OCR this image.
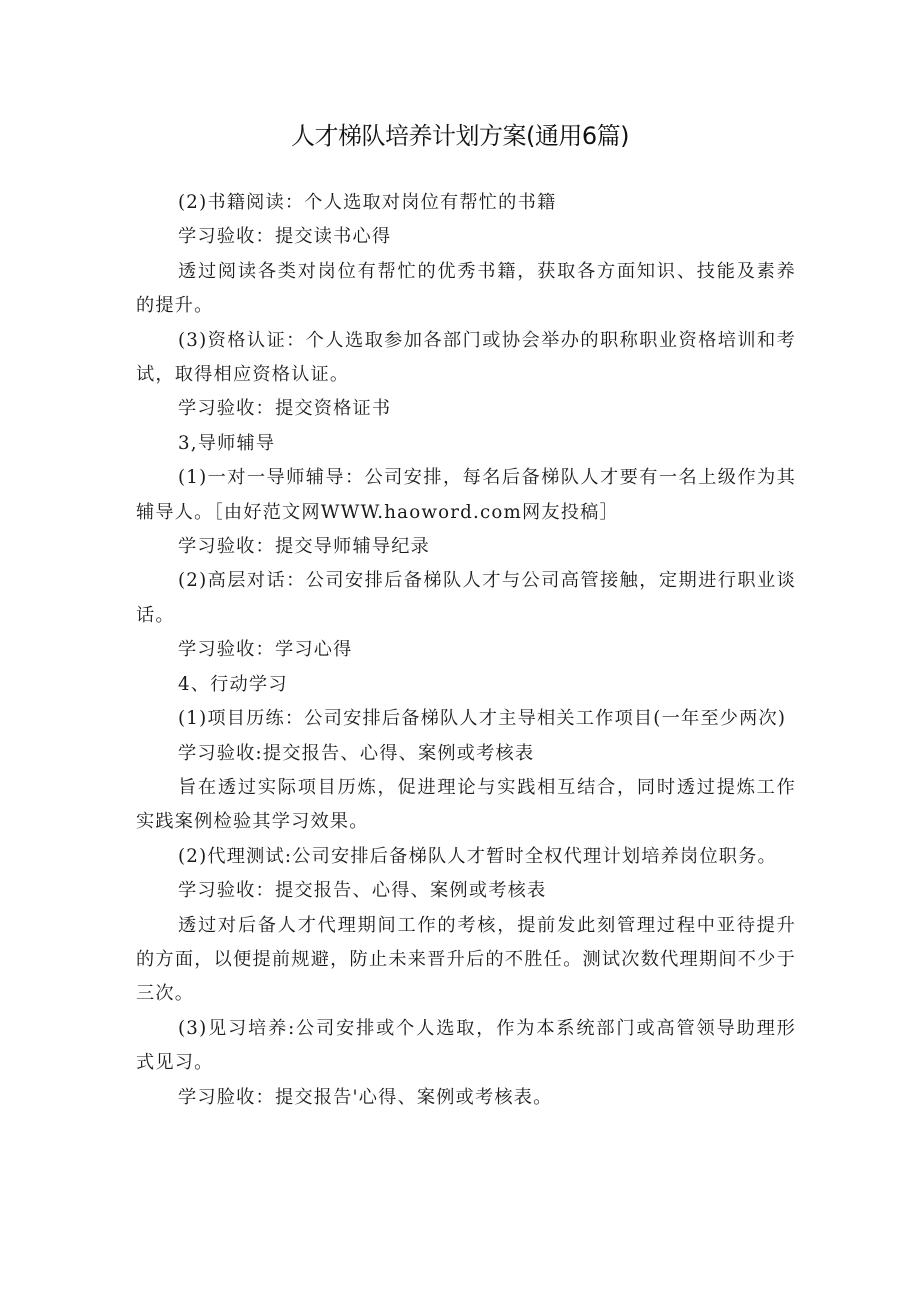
人才梯队培养计划方案(通用6篇)

(2)书籍阅读：个人选取对岗位有帮忙的书籍

学习验收：提交读书心得

透过阅读各类对岗位有帮忙的优秀书籍，获取各方面知识、技能及素养的提升。

(3)资格认证：个人选取参加各部门或协会举办的职称职业资格培训和考试，取得相应资格认证。

学习验收：提交资格证书

3,导师辅导

(1)一对一导师辅导：公司安排，每名后备梯队人才要有一名上级作为其辅导人。［由好范文网WWW.haoword.com网友投稿］

学习验收：提交导师辅导纪录

(2)高层对话：公司安排后备梯队人才与公司高管接触，定期进行职业谈话。

学习验收：学习心得

4、行动学习

(1)项目历练：公司安排后备梯队人才主导相关工作项目(一年至少两次)

学习验收:提交报告、心得、案例或考核表

旨在透过实际项目历炼，促进理论与实践相互结合，同时透过提炼工作实践案例检验其学习效果。

(2)代理测试:公司安排后备梯队人才暂时全权代理计划培养岗位职务。

学习验收：提交报告、心得、案例或考核表

透过对后备人才代理期间工作的考核，提前发此刻管理过程中亚待提升的方面，以便提前规避，防止未来晋升后的不胜任。测试次数代理期间不少于三次。

(3)见习培养:公司安排或个人选取，作为本系统部门或高管领导助理形式见习。

学习脸收：提交报告'心得、案例或考核表。
